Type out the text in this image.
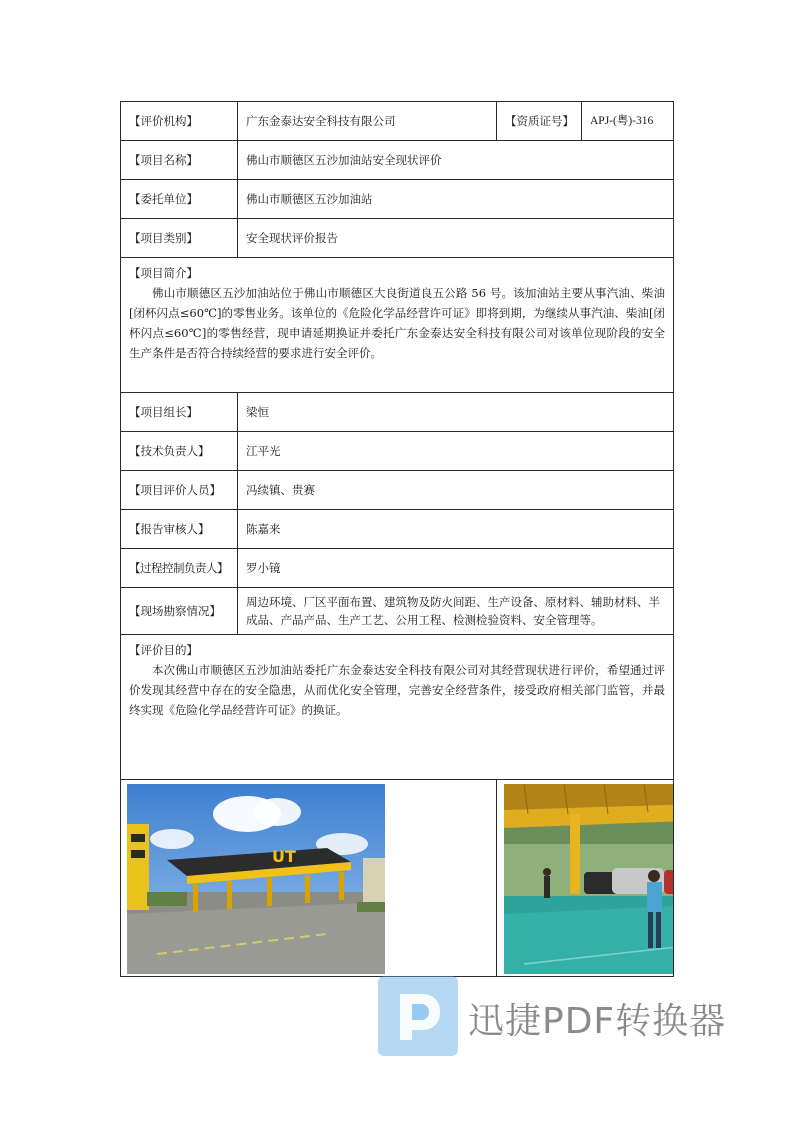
【评价机构】	广东金泰达安全科技有限公司	【资质证号】	APJ-(粤)-316
【项目名称】	佛山市顺德区五沙加油站安全现状评价		
【委托单位】	佛山市顺德区五沙加油站		
【项目类别】	安全现状评价报告		

【项目简介】
佛山市顺德区五沙加油站位于佛山市顺德区大良街道良五公路 56 号。该加油站主要从事汽油、柴油[闭杯闪点≤60℃]的零售业务。该单位的《危险化学品经营许可证》即将到期，为继续从事汽油、柴油[闭杯闪点≤60℃]的零售经营，现申请延期换证并委托广东金泰达安全科技有限公司对该单位现阶段的安全生产条件是否符合持续经营的要求进行安全评价。			

【项目组长】	梁恒		
【技术负责人】	江平光		
【项目评价人员】	冯续镇、贵赛		
【报告审核人】	陈嘉来		
【过程控制负责人】	罗小镜		
【现场勘察情况】	周边环境、厂区平面布置、建筑物及防火间距、生产设备、原材料、辅助材料、半成品、产品产品、生产工艺、公用工程、检测检验资料、安全管理等。		

【评价目的】
本次佛山市顺德区五沙加油站委托广东金泰达安全科技有限公司对其经营现状进行评价，希望通过评价发现其经营中存在的安全隐患，从而优化安全管理，完善安全经营条件，接受政府相关部门监管，并最终实现《危险化学品经营许可证》的换证。			

UT

迅捷PDF转换器
